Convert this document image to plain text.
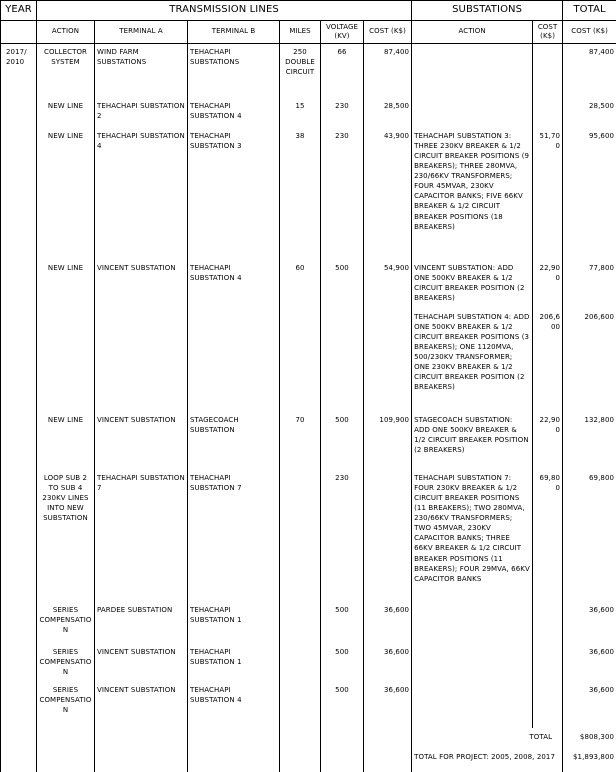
YEAR	TRANSMISSION LINES						SUBSTATIONS		TOTAL
	ACTION	TERMINAL A	TERMINAL B	MILES	VOLTAGE (KV)	COST (K$)	ACTION	COST (K$)	COST (K$)
2017/ 2010	COLLECTOR SYSTEM	WIND FARM SUBSTATIONS	TEHACHAPI SUBSTATIONS	250 DOUBLE CIRCUIT	66	87,400			87,400
	NEW LINE	TEHACHAPI SUBSTATION 2	TEHACHAPI SUBSTATION 4	15	230	28,500			28,500
	NEW LINE	TEHACHAPI SUBSTATION 4	TEHACHAPI SUBSTATION 3	38	230	43,900	TEHACHAPI SUBSTATION 3: THREE 230KV BREAKER & 1/2 CIRCUIT BREAKER POSITIONS (9 BREAKERS); THREE 280MVA, 230/66KV TRANSFORMERS; FOUR 45MVAR, 230KV CAPACITOR BANKS; FIVE 66KV BREAKER & 1/2 CIRCUIT BREAKER POSITIONS (18 BREAKERS)	51,700	95,600
	NEW LINE	VINCENT SUBSTATION	TEHACHAPI SUBSTATION 4	60	500	54,900	VINCENT SUBSTATION: ADD ONE 500KV BREAKER & 1/2 CIRCUIT BREAKER POSITION (2 BREAKERS)	22,900	77,800
							TEHACHAPI SUBSTATION 4: ADD ONE 500KV BREAKER & 1/2 CIRCUIT BREAKER POSITIONS (3 BREAKERS); ONE 1120MVA, 500/230KV TRANSFORMER; ONE 230KV BREAKER & 1/2 CIRCUIT BREAKER POSITION (2 BREAKERS)	206,600	206,600
	NEW LINE	VINCENT SUBSTATION	STAGECOACH SUBSTATION	70	500	109,900	STAGECOACH SUBSTATION: ADD ONE 500KV BREAKER & 1/2 CIRCUIT BREAKER POSITION (2 BREAKERS)	22,900	132,800
	LOOP SUB 2 TO SUB 4 230KV LINES INTO NEW SUBSTATION	TEHACHAPI SUBSTATION 7	TEHACHAPI SUBSTATION 7		230		TEHACHAPI SUBSTATION 7: FOUR 230KV BREAKER & 1/2 CIRCUIT BREAKER POSITIONS (11 BREAKERS); TWO 280MVA, 230/66KV TRANSFORMERS; TWO 45MVAR, 230KV CAPACITOR BANKS; THREE 66KV BREAKER & 1/2 CIRCUIT BREAKER POSITIONS (11 BREAKERS); FOUR 29MVA, 66KV CAPACITOR BANKS	69,800	69,800
	SERIES COMPENSATION	PARDEE SUBSTATION	TEHACHAPI SUBSTATION 1		500	36,600			36,600
	SERIES COMPENSATION	VINCENT SUBSTATION	TEHACHAPI SUBSTATION 1		500	36,600			36,600
	SERIES COMPENSATION	VINCENT SUBSTATION	TEHACHAPI SUBSTATION 4		500	36,600			36,600
							TOTAL		$808,300
							TOTAL FOR PROJECT: 2005, 2008, 2017		$1,893,800
